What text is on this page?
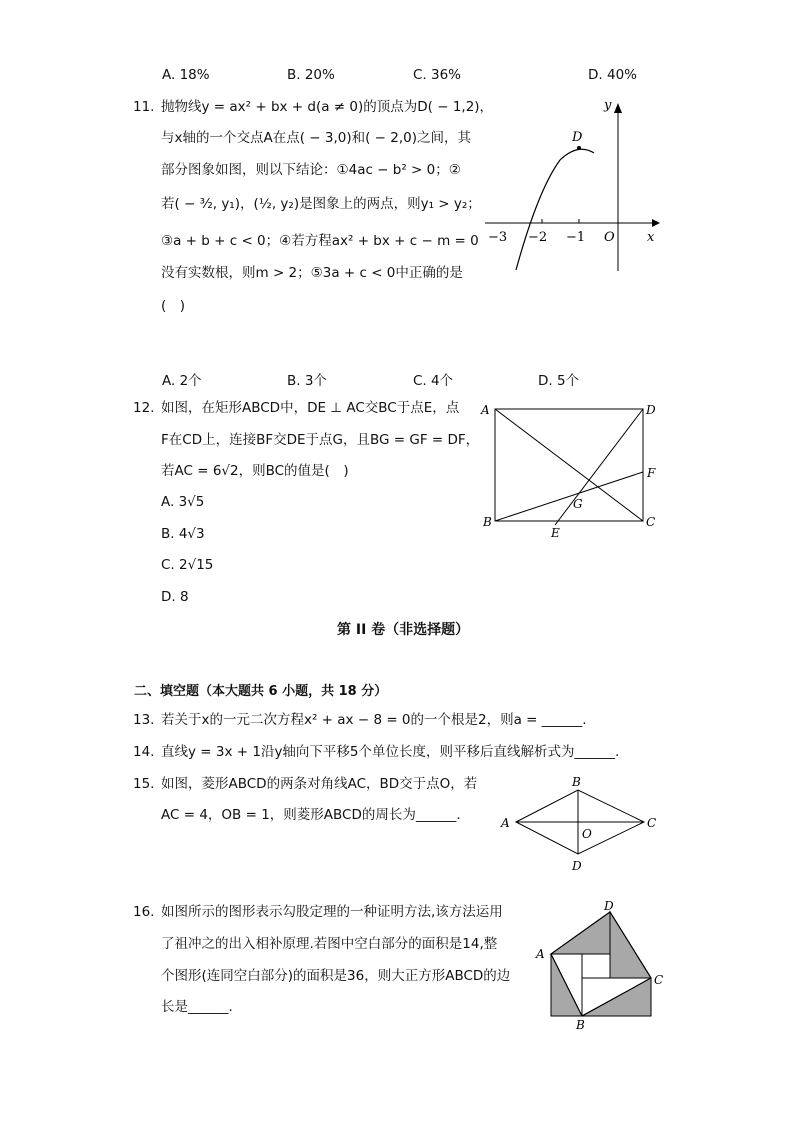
A. 18%	B. 20%	C. 36%	D. 40%
11. 抛物线y = ax² + bx + d(a ≠ 0)的顶点为D( − 1,2)，
与x轴的一个交点A在点( − 3,0)和( − 2,0)之间，其
部分图象如图，则以下结论：①4ac − b² > 0；②
若( − ³⁄₂, y₁)，(½, y₂)是图象上的两点，则y₁ > y₂；
③a + b + c < 0；④若方程ax² + bx + c − m = 0
没有实数根，则m > 2；⑤3a + c < 0中正确的是
(　)
y
x
O
−3 −2 −1
D
A. 2个	B. 3个	C. 4个	D. 5个
12. 如图，在矩形ABCD中，DE ⊥ AC交BC于点E，点
F在CD上，连接BF交DE于点G，且BG = GF = DF，
若AC = 6√2，则BC的值是(　)
A. 3√5
B. 4√3
C. 2√15
D. 8
A	D
B	C
F
G
E
第 II 卷（非选择题）
二、填空题（本大题共 6 小题，共 18 分）
13. 若关于x的一元二次方程x² + ax − 8 = 0的一个根是2，则a = ______.
14. 直线y = 3x + 1沿y轴向下平移5个单位长度，则平移后直线解析式为______.
15. 如图，菱形ABCD的两条对角线AC，BD交于点O，若
AC = 4，OB = 1，则菱形ABCD的周长为______.	A
B
C
D
O
16. 如图所示的图形表示勾股定理的一种证明方法,该方法运用
了祖冲之的出入相补原理.若图中空白部分的面积是14,整
个图形(连同空白部分)的面积是36，则大正方形ABCD的边
长是______.
A
D
C
B
